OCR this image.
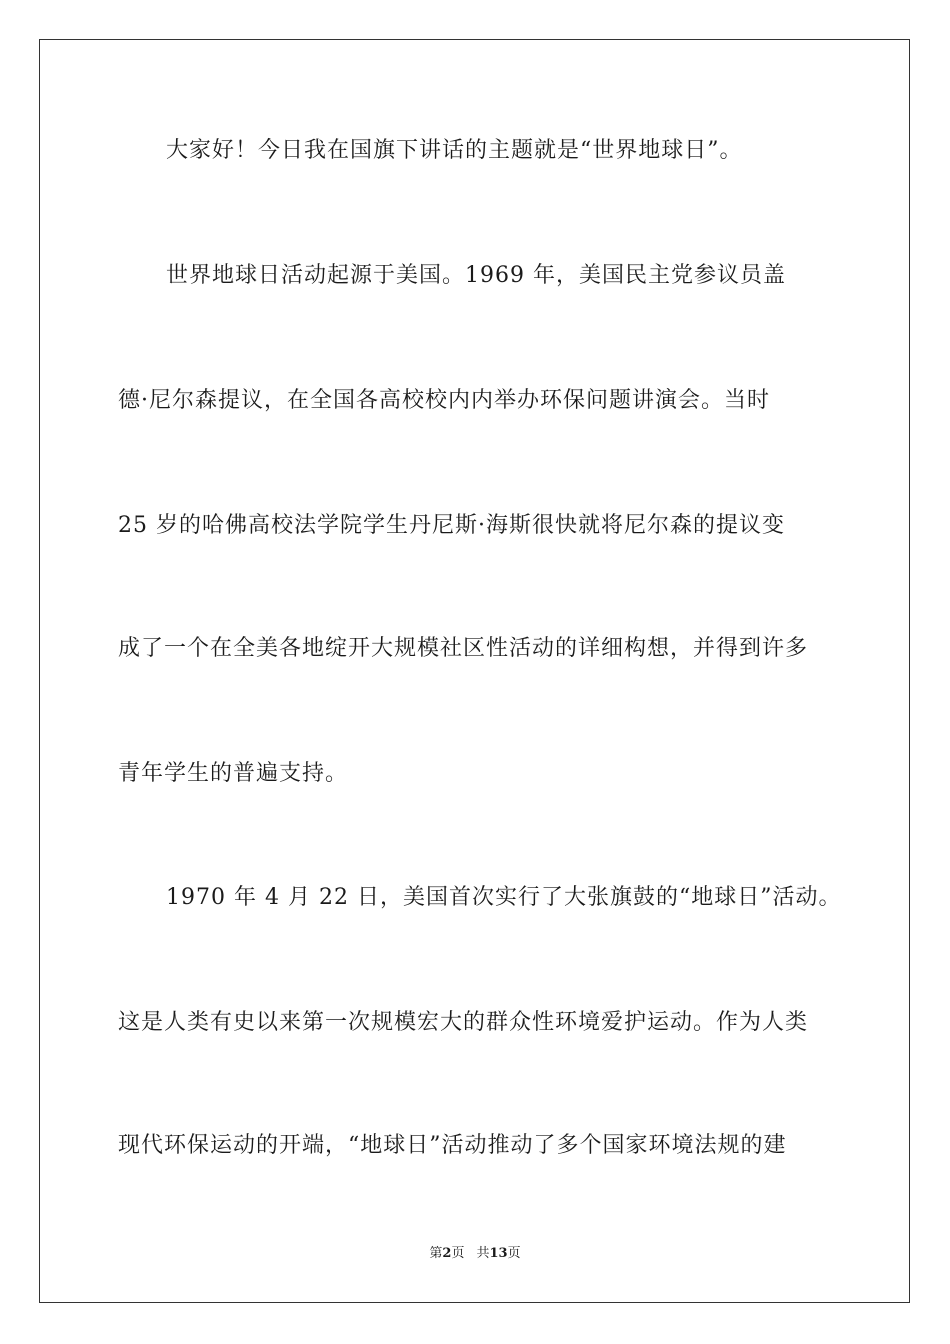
大家好！今日我在国旗下讲话的主题就是“世界地球日”。
世界地球日活动起源于美国。1969 年，美国民主党参议员盖
德·尼尔森提议，在全国各高校校内内举办环保问题讲演会。当时
25 岁的哈佛高校法学院学生丹尼斯·海斯很快就将尼尔森的提议变
成了一个在全美各地绽开大规模社区性活动的详细构想，并得到许多
青年学生的普遍支持。
1970 年 4 月 22 日，美国首次实行了大张旗鼓的“地球日”活动。
这是人类有史以来第一次规模宏大的群众性环境爱护运动。作为人类
现代环保运动的开端，“地球日”活动推动了多个国家环境法规的建
第2页 共13页
